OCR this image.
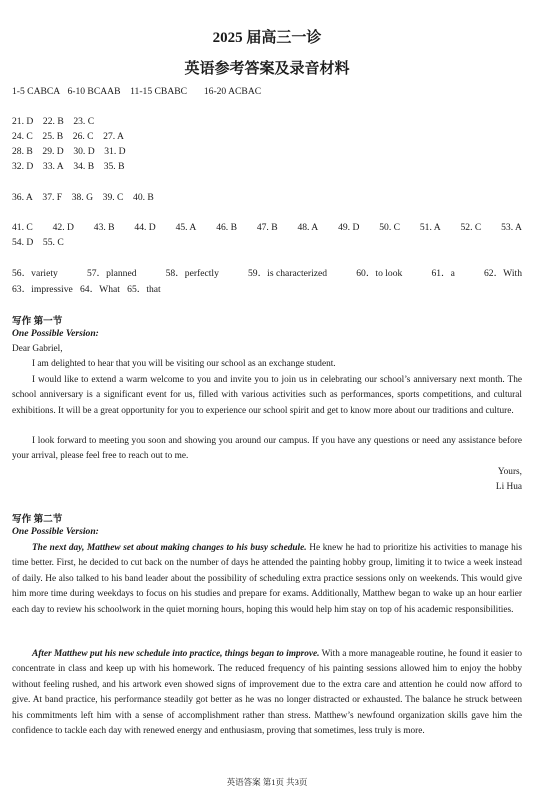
2025 届高三一诊
英语参考答案及录音材料
1-5 CABCA 6-10 BCAAB 11-15 CBABC 16-20 ACBAC
21. D 22. B 23. C
24. C 25. B 26. C 27. A
28. B 29. D 30. D 31. D
32. D 33. A 34. B 35. B
36. A 37. F 38. G 39. C 40. B
41. C 42. D 43. B 44. D 45. A 46. B 47. B 48. A 49. D 50. C 51. A 52. C 53. A
54. D 55. C
56．variety	57．planned	58．perfectly	59．is characterized	60．to look	61．a	62．With
63．impressive 64．What 65．that
写作 第一节
One Possible Version:
Dear Gabriel,
I am delighted to hear that you will be visiting our school as an exchange student.
I would like to extend a warm welcome to you and invite you to join us in celebrating our school’s anniversary next month. The school anniversary is a significant event for us, filled with various activities such as performances, sports competitions, and cultural exhibitions. It will be a great opportunity for you to experience our school spirit and get to know more about our traditions and culture.
I look forward to meeting you soon and showing you around our campus. If you have any questions or need any assistance before your arrival, please feel free to reach out to me.
Yours,
Li Hua
写作 第二节
One Possible Version:
The next day, Matthew set about making changes to his busy schedule. He knew he had to prioritize his activities to manage his time better. First, he decided to cut back on the number of days he attended the painting hobby group, limiting it to twice a week instead of daily. He also talked to his band leader about the possibility of scheduling extra practice sessions only on weekends. This would give him more time during weekdays to focus on his studies and prepare for exams. Additionally, Matthew began to wake up an hour earlier each day to review his schoolwork in the quiet morning hours, hoping this would help him stay on top of his academic responsibilities.
After Matthew put his new schedule into practice, things began to improve. With a more manageable routine, he found it easier to concentrate in class and keep up with his homework. The reduced frequency of his painting sessions allowed him to enjoy the hobby without feeling rushed, and his artwork even showed signs of improvement due to the extra care and attention he could now afford to give. At band practice, his performance steadily got better as he was no longer distracted or exhausted. The balance he struck between his commitments left him with a sense of accomplishment rather than stress. Matthew’s newfound organization skills gave him the confidence to tackle each day with renewed energy and enthusiasm, proving that sometimes, less truly is more.
英语答案 第1页 共3页
